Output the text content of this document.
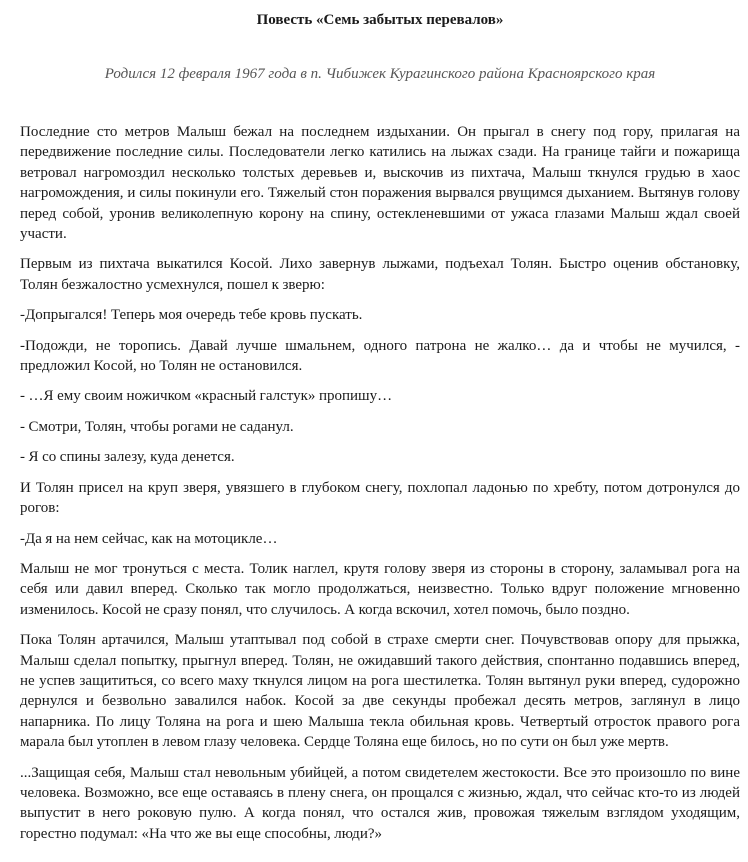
Повесть «Семь забытых перевалов»

Родился 12 февраля 1967 года в п. Чибижек Курагинского района Красноярского края

Последние сто метров Малыш бежал на последнем издыхании. Он прыгал в снегу под гору, прилагая на передвижение последние силы. Последователи легко катились на лыжах сзади. На границе тайги и пожарища ветровал нагромоздил несколько толстых деревьев и, выскочив из пихтача, Малыш ткнулся грудью в хаос нагромождения, и силы покинули его. Тяжелый стон поражения вырвался рвущимся дыханием. Вытянув голову перед собой, уронив великолепную корону на спину, остекленевшими от ужаса глазами Малыш ждал своей участи.

Первым из пихтача выкатился Косой. Лихо завернув лыжами, подъехал Толян. Быстро оценив обстановку, Толян безжалостно усмехнулся, пошел к зверю:

-Допрыгался! Теперь моя очередь тебе кровь пускать.

-Подожди, не торопись. Давай лучше шмальнем, одного патрона не жалко… да и чтобы не мучился, - предложил Косой, но Толян не остановился.

- …Я ему своим ножичком «красный галстук» пропишу…

- Смотри, Толян, чтобы рогами не саданул.

- Я со спины залезу, куда денется.

И Толян присел на круп зверя, увязшего в глубоком снегу, похлопал ладонью по хребту, потом дотронулся до рогов:

-Да я на нем сейчас, как на мотоцикле…

Малыш не мог тронуться с места. Толик наглел, крутя голову зверя из стороны в сторону, заламывал рога на себя или давил вперед. Сколько так могло продолжаться, неизвестно. Только вдруг положение мгновенно изменилось. Косой не сразу понял, что случилось. А когда вскочил, хотел помочь, было поздно.

Пока Толян артачился, Малыш утаптывал под собой в страхе смерти снег. Почувствовав опору для прыжка, Малыш сделал попытку, прыгнул вперед. Толян, не ожидавший такого действия, спонтанно подавшись вперед, не успев защититься, со всего маху ткнулся лицом на рога шестилетка. Толян вытянул руки вперед, судорожно дернулся и безвольно завалился набок. Косой за две секунды пробежал десять метров, заглянул в лицо напарника. По лицу Толяна на рога и шею Малыша текла обильная кровь. Четвертый отросток правого рога марала был утоплен в левом глазу человека. Сердце Толяна еще билось, но по сути он был уже мертв.

...Защищая себя, Малыш стал невольным убийцей, а потом свидетелем жестокости. Все это произошло по вине человека. Возможно, все еще оставаясь в плену снега, он прощался с жизнью, ждал, что сейчас кто-то из людей выпустит в него роковую пулю. А когда понял, что остался жив, провожая тяжелым взглядом уходящим, горестно подумал: «На что же вы еще способны, люди?»
